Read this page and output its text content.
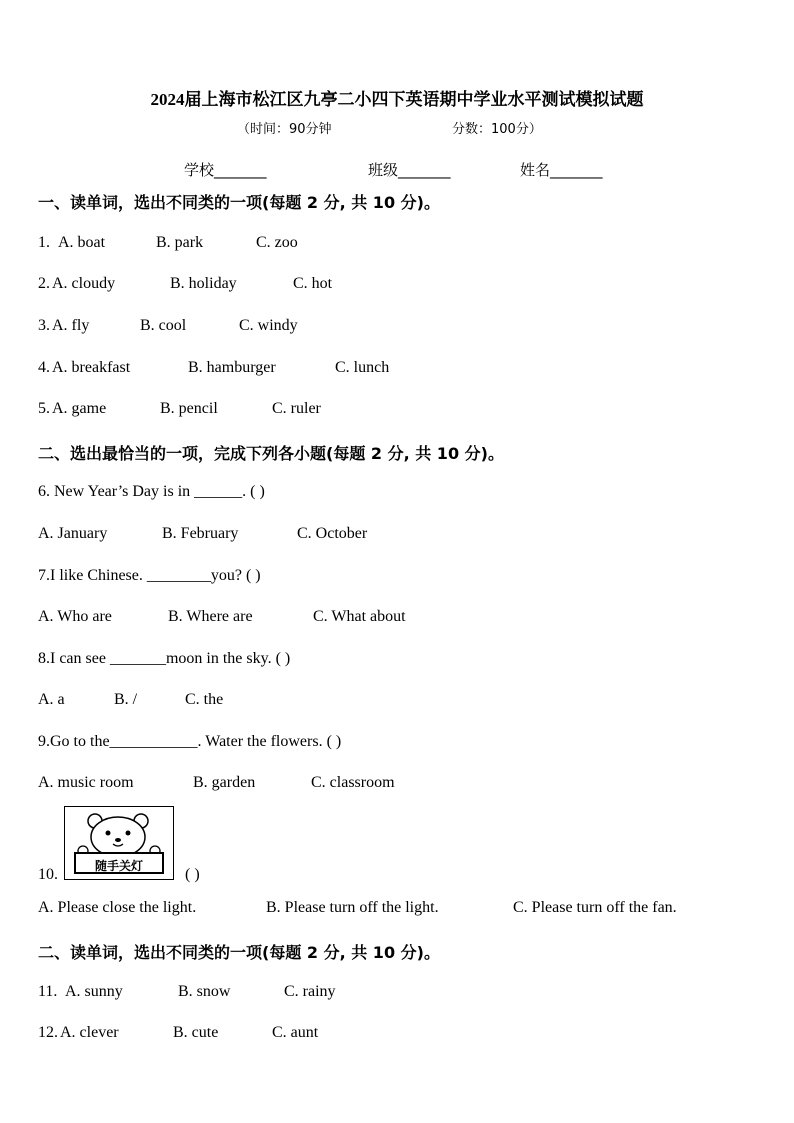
2024届上海市松江区九亭二小四下英语期中学业水平测试模拟试题
（时间：90分钟	分数：100分）
学校_______	班级_______	姓名_______
一、读单词，选出不同类的一项(每题 2 分, 共 10 分)。
1. A. boat	B. park	C. zoo
2. A. cloudy	B. holiday	C. hot
3. A. fly	B. cool	C. windy
4. A. breakfast	B. hamburger	C. lunch
5. A. game	B. pencil	C. ruler
二、选出最恰当的一项，完成下列各小题(每题 2 分, 共 10 分)。
6. New Year’s Day is in ______. ( )
A. January	B. February	C. October
7.I like Chinese. ________you? ( )
A. Who are	B. Where are	C. What about
8.I can see _______moon in the sky. ( )
A. a	B. /	C. the
9.Go to the___________. Water the flowers. ( )
A. music room	B. garden	C. classroom
10.	随手关灯	( )
A. Please close the light.	B. Please turn off the light.	C. Please turn off the fan.
二、读单词，选出不同类的一项(每题 2 分, 共 10 分)。
11. A. sunny	B. snow	C. rainy
12. A. clever	B. cute	C. aunt
